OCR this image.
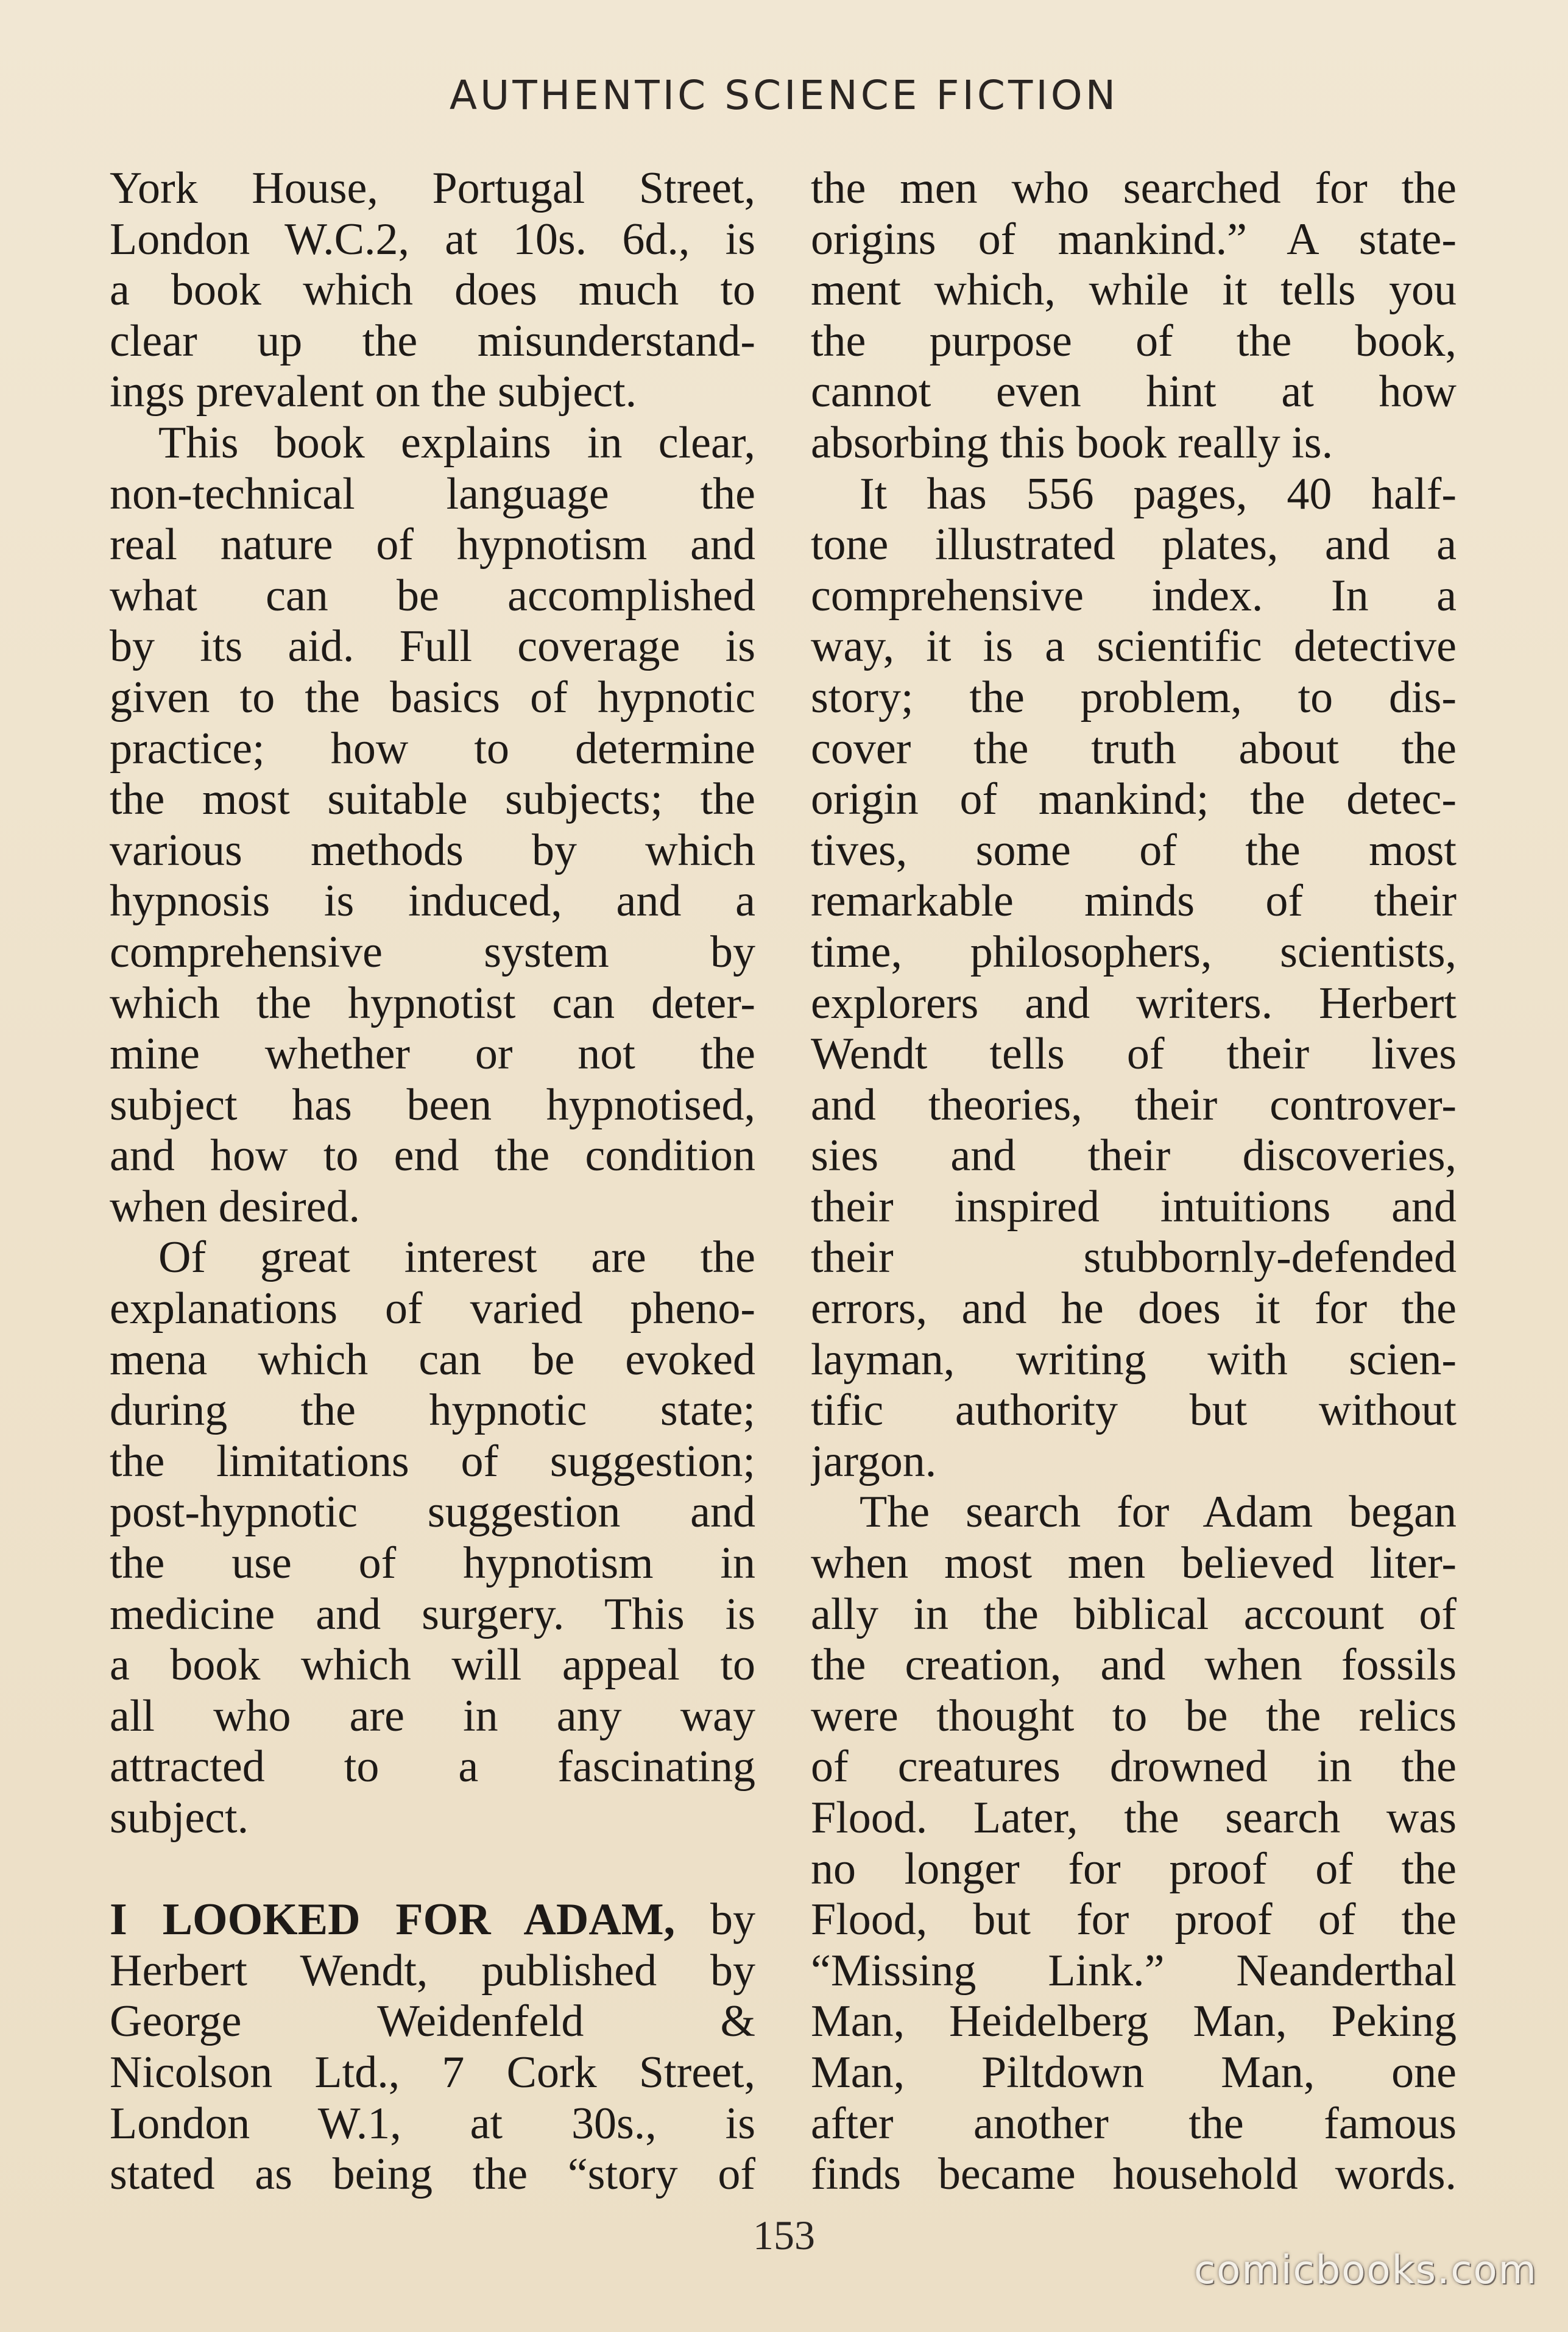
AUTHENTIC SCIENCE FICTION
York House, Portugal Street,
London W.C.2, at 10s. 6d., is
a book which does much to
clear up the misunderstand-
ings prevalent on the subject.
This book explains in clear,
non-technical language the
real nature of hypnotism and
what can be accomplished
by its aid. Full coverage is
given to the basics of hypnotic
practice; how to determine
the most suitable subjects; the
various methods by which
hypnosis is induced, and a
comprehensive system by
which the hypnotist can deter-
mine whether or not the
subject has been hypnotised,
and how to end the condition
when desired.
Of great interest are the
explanations of varied pheno-
mena which can be evoked
during the hypnotic state;
the limitations of suggestion;
post-hypnotic suggestion and
the use of hypnotism in
medicine and surgery. This is
a book which will appeal to
all who are in any way
attracted to a fascinating
subject.
I LOOKED FOR ADAM, by
Herbert Wendt, published by
George Weidenfeld &
Nicolson Ltd., 7 Cork Street,
London W.1, at 30s., is
stated as being the “story of
the men who searched for the
origins of mankind.” A state-
ment which, while it tells you
the purpose of the book,
cannot even hint at how
absorbing this book really is.
It has 556 pages, 40 half-
tone illustrated plates, and a
comprehensive index. In a
way, it is a scientific detective
story; the problem, to dis-
cover the truth about the
origin of mankind; the detec-
tives, some of the most
remarkable minds of their
time, philosophers, scientists,
explorers and writers. Herbert
Wendt tells of their lives
and theories, their controver-
sies and their discoveries,
their inspired intuitions and
their stubbornly-defended
errors, and he does it for the
layman, writing with scien-
tific authority but without
jargon.
The search for Adam began
when most men believed liter-
ally in the biblical account of
the creation, and when fossils
were thought to be the relics
of creatures drowned in the
Flood. Later, the search was
no longer for proof of the
Flood, but for proof of the
“Missing Link.” Neanderthal
Man, Heidelberg Man, Peking
Man, Piltdown Man, one
after another the famous
finds became household words.
153
comicbooks.com
